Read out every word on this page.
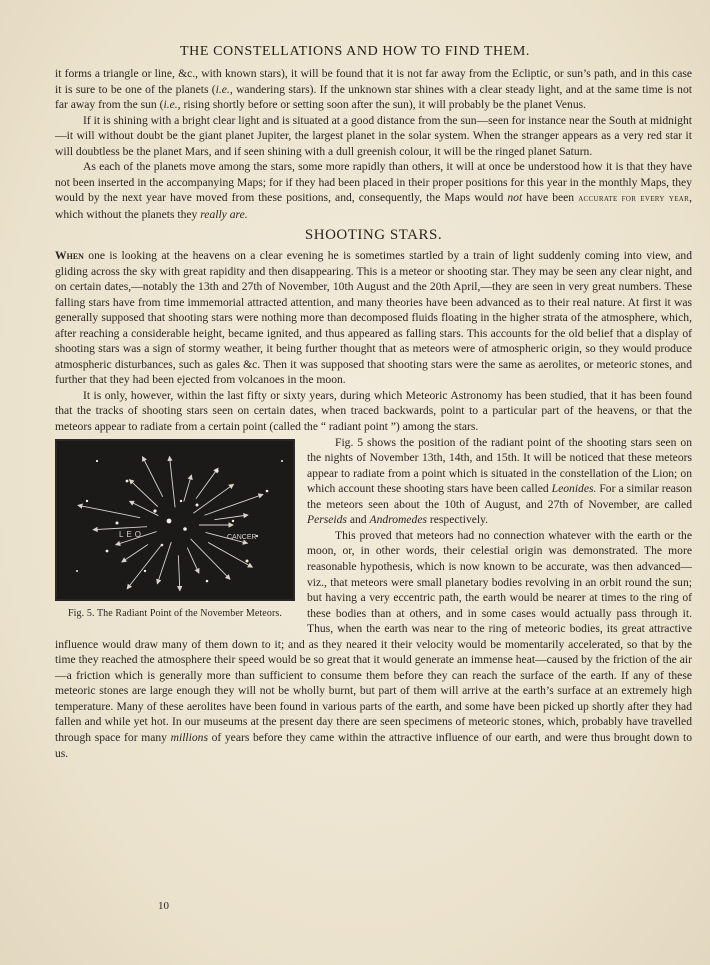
THE CONSTELLATIONS AND HOW TO FIND THEM.

it forms a triangle or line, &c., with known stars), it will be found that it is not far away from the Ecliptic, or sun’s path, and in this case it is sure to be one of the planets (i.e., wandering stars). If the unknown star shines with a clear steady light, and at the same time is not far away from the sun (i.e., rising shortly before or setting soon after the sun), it will probably be the planet Venus.

If it is shining with a bright clear light and is situated at a good distance from the sun—seen for instance near the South at midnight—it will without doubt be the giant planet Jupiter, the largest planet in the solar system. When the stranger appears as a very red star it will doubtless be the planet Mars, and if seen shining with a dull greenish colour, it will be the ringed planet Saturn.

As each of the planets move among the stars, some more rapidly than others, it will at once be understood how it is that they have not been inserted in the accompanying Maps; for if they had been placed in their proper positions for this year in the monthly Maps, they would by the next year have moved from these positions, and, consequently, the Maps would not have been accurate for every year, which without the planets they really are.

SHOOTING STARS.

When one is looking at the heavens on a clear evening he is sometimes startled by a train of light suddenly coming into view, and gliding across the sky with great rapidity and then disappearing. This is a meteor or shooting star. They may be seen any clear night, and on certain dates,—notably the 13th and 27th of November, 10th August and the 20th April,—they are seen in very great numbers. These falling stars have from time immemorial attracted attention, and many theories have been advanced as to their real nature. At first it was generally supposed that shooting stars were nothing more than decomposed fluids floating in the higher strata of the atmosphere, which, after reaching a considerable height, became ignited, and thus appeared as falling stars. This accounts for the old belief that a display of shooting stars was a sign of stormy weather, it being further thought that as meteors were of atmospheric origin, so they would produce atmospheric disturbances, such as gales &c. Then it was supposed that shooting stars were the same as aerolites, or meteoric stones, and further that they had been ejected from volcanoes in the moon.

It is only, however, within the last fifty or sixty years, during which Meteoric Astronomy has been studied, that it has been found that the tracks of shooting stars seen on certain dates, when traced backwards, point to a particular part of the heavens, or that the meteors appear to radiate from a certain point (called the “ radiant point ”) among the stars.

LEO	CANCER
Fig. 5. The Radiant Point of the November Meteors.

Fig. 5 shows the position of the radiant point of the shooting stars seen on the nights of November 13th, 14th, and 15th. It will be noticed that these meteors appear to radiate from a point which is situated in the constellation of the Lion; on which account these shooting stars have been called Leonides. For a similar reason the meteors seen about the 10th of August, and 27th of November, are called Perseids and Andromedes respectively.

This proved that meteors had no connection whatever with the earth or the moon, or, in other words, their celestial origin was demonstrated. The more reasonable hypothesis, which is now known to be accurate, was then advanced—viz., that meteors were small planetary bodies revolving in an orbit round the sun; but having a very eccentric path, the earth would be nearer at times to the ring of these bodies than at others, and in some cases would actually pass through it. Thus, when the earth was near to the ring of meteoric bodies, its great attractive influence would draw many of them down to it; and as they neared it their velocity would be momentarily accelerated, so that by the time they reached the atmosphere their speed would be so great that it would generate an immense heat—caused by the friction of the air—a friction which is generally more than sufficient to consume them before they can reach the surface of the earth. If any of these meteoric stones are large enough they will not be wholly burnt, but part of them will arrive at the earth’s surface at an extremely high temperature. Many of these aerolites have been found in various parts of the earth, and some have been picked up shortly after they had fallen and while yet hot. In our museums at the present day there are seen specimens of meteoric stones, which, probably have travelled through space for many millions of years before they came within the attractive influence of our earth, and were thus brought down to us.

10
